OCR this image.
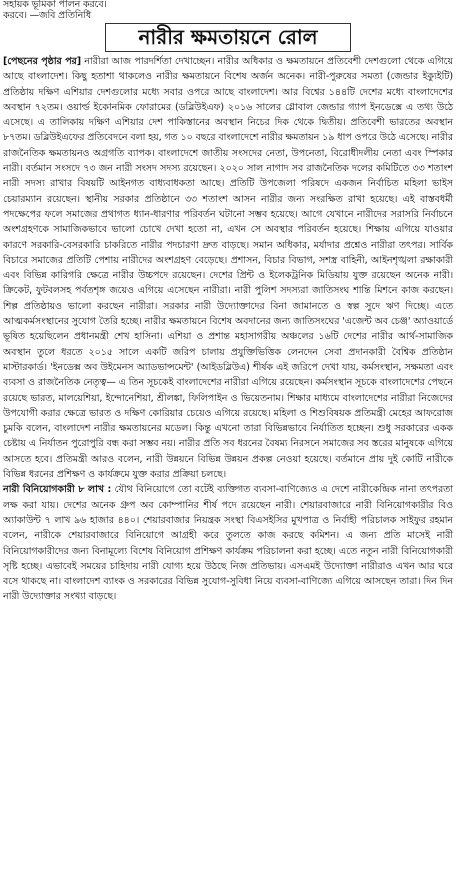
সহায়ক ভূমিকা পালন করবে।
করবে। —জবি প্রতিনিধি
নারীর ক্ষমতায়নে রোল

[পেছনের পৃষ্ঠার পর] নারীরা আজ পারদর্শিতা দেখাচ্ছেন। নারীর অধিকার ও ক্ষমতায়নে প্রতিবেশী দেশগুলো থেকে এগিয়ে আছে বাংলাদেশ। কিছু হতাশা থাকলেও নারীর ক্ষমতায়নে বিশেষ অর্জন অনেক। নারী-পুরুষের সমতা (জেন্ডার ইক্যুইটি) প্রতিষ্ঠায় দক্ষিণ এশিয়ার দেশগুলোর মধ্যে সবার ওপরে আছে বাংলাদেশ। আর বিশ্বের ১৪৪টি দেশের মধ্যে বাংলাদেশের অবস্থান ৭২তম। ওয়ার্ল্ড ইকোনমিক ফোরামের (ডব্লিউইএফ) ২০১৬ সালের গ্লোবাল জেন্ডার গ্যাপ ইনডেক্সে এ তথ্য উঠে এসেছে। এ তালিকায় দক্ষিণ এশিয়ার দেশ পাকিস্তানের অবস্থান নিচের দিক থেকে দ্বিতীয়। প্রতিবেশী ভারতের অবস্থান ৮৭তম। ডব্লিউইএফের প্রতিবেদনে বলা হয়, গত ১০ বছরে বাংলাদেশে নারীর ক্ষমতায়ন ১৯ ধাপ ওপরে উঠে এসেছে। নারীর রাজনৈতিক ক্ষমতায়নও অগ্রগতি ব্যাপক। বাংলাদেশে জাতীয় সংসদের নেতা, উপনেতা, বিরোধীদলীয় নেতা এবং স্পিকার নারী। বর্তমান সংসদে ৭৩ জন নারী সংসদ সদস্য রয়েছেন। ২০২০ সাল নাগাদ সব রাজনৈতিক দলের কমিটিতে ৩৩ শতাংশ নারী সদস্য রাখার বিষয়টি আইনগত বাধ্যবাধকতা আছে। প্রতিটি উপজেলা পরিষদে একজন নির্বাচিত মহিলা ভাইস চেয়ারম্যান রয়েছেন। স্থানীয় সরকার প্রতিষ্ঠানে ৩৩ শতাংশ আসন নারীর জন্য সংরক্ষিত রাখা হয়েছে। এই বাস্তবধর্মী পদক্ষেপের ফলে সমাজের প্রথাগত ধ্যান-ধারণার পরিবর্তন ঘটানো সম্ভব হয়েছে। আগে যেখানে নারীদের সরাসরি নির্বাচনে অংশগ্রহণকে সামাজিকভাবে ভালো চোখে দেখা হতো না, এখন সে অবস্থার পরিবর্তন হয়েছে। শিক্ষায় এগিয়ে যাওয়ার কারণে সরকারি-বেসরকারি চাকরিতে নারীর পদচারণা দ্রুত বাড়ছে। সমান অধিকার, মর্যাদার প্রশ্নেও নারীরা তৎপর। সার্বিক বিচারে সমাজের প্রতিটি পেশায় নারীদের অংশগ্রহণ বেড়েছে। প্রশাসন, বিচার বিভাগ, সশস্ত্র বাহিনী, আইনশৃঙ্খলা রক্ষাকারী এবং বিভিন্ন কারিগরি ক্ষেত্রে নারীর উচ্চপদে রয়েছেন। দেশের প্রিন্ট ও ইলেকট্রনিক মিডিয়ায় যুক্ত রয়েছেন অনেক নারী। ক্রিকেট, ফুটবলসহ পর্বতশৃঙ্গ জয়েও এগিয়ে এসেছেন নারীরা। নারী পুলিশ সদস্যরা জাতিসংঘ শান্তি মিশনে কাজ করছেন। শিল্প প্রতিষ্ঠায়ও ভালো করছেন নারীরা। সরকার নারী উদ্যোক্তাদের বিনা জামানতে ও স্বল্প সুদে ঋণ দিচ্ছে। এতে আত্মকর্মসংস্থানের সুযোগ তৈরি হচ্ছে। নারীর ক্ষমতায়নে বিশেষ অবদানের জন্য জাতিসংঘের 'এজেন্ট অব চেঞ্জ' অ্যাওয়ার্ডে ভূষিত হয়েছিলেন প্রধানমন্ত্রী শেখ হাসিনা। এশিয়া ও প্রশান্ত মহাসাগরীয় অঞ্চলের ১৬টি দেশের নারীর আর্থ-সামাজিক অবস্থান তুলে ধরতে ২০১৫ সালে একটি জরিপ চালায় প্রযুক্তিভিত্তিক লেনদেন সেবা প্রদানকারী বৈশ্বিক প্রতিষ্ঠান মাস্টারকার্ড। 'ইনডেক্স অব উইমেনস অ্যাডভান্সমেন্ট' (আইডব্লিউএ) শীর্ষক এই জরিপে দেখা যায়, কর্মসংস্থান, সক্ষমতা এবং ব্যবসা ও রাজনৈতিক নেতৃত্ব— এ তিন সূচকেই বাংলাদেশের নারীরা এগিয়ে রয়েছেন। কর্মসংস্থান সূচকে বাংলাদেশের পেছনে রয়েছে ভারত, মালয়েশিয়া, ইন্দোনেশিয়া, শ্রীলঙ্কা, ফিলিপাইন ও ভিয়েতনাম। শিক্ষার মাধ্যমে বাংলাদেশের নারীরা নিজেদের উপযোগী করার ক্ষেত্রে ভারত ও দক্ষিণ কোরিয়ার চেয়েও এগিয়ে রয়েছে। মহিলা ও শিশুবিষয়ক প্রতিমন্ত্রী মেহের আফরোজ চুমকি বলেন, বাংলাদেশ নারীর ক্ষমতায়নের মডেল। কিন্তু এখনো তারা বিভিন্নভাবে নির্যাতিত হচ্ছেন। শুধু সরকারের একক চেষ্টায় এ নির্যাতন পুরোপুরি বন্ধ করা সম্ভব নয়। নারীর প্রতি সব ধরনের বৈষম্য নিরসনে সমাজের সব স্তরের মানুষকে এগিয়ে আসতে হবে। প্রতিমন্ত্রী আরও বলেন, নারী উন্নয়নে বিভিন্ন উন্নয়ন প্রকল্প নেওয়া হয়েছে। বর্তমানে প্রায় দুই কোটি নারীকে বিভিন্ন ধরনের প্রশিক্ষণ ও কার্যক্রমে যুক্ত করার প্রক্রিয়া চলছে।

নারী বিনিয়োগকারী ৮ লাখ : যৌথ বিনিয়োগে তো বটেই ব্যক্তিগত ব্যবসা-বাণিজ্যেও এ দেশে নারীকেন্দ্রিক নানা তৎপরতা লক্ষ করা যায়। দেশের অনেক গ্রুপ অব কোম্পানির শীর্ষ পদে রয়েছেন নারী। শেয়ারবাজারে নারী বিনিয়োগকারীর বিও অ্যাকাউন্ট ৭ লাখ ৯৬ হাজার ৪৪০। শেয়ারবাজার নিয়ন্ত্রক সংস্থা বিএসইসির মুখপাত্র ও নির্বাহী পরিচালক সাইফুর রহমান বলেন, নারীকে শেয়ারবাজারে বিনিয়োগে আগ্রহী করে তুলতে কাজ করছে কমিশন। এ জন্য প্রতি মাসেই নারী বিনিয়োগকারীদের জন্য বিনামূল্যে বিশেষ বিনিয়োগ প্রশিক্ষণ কার্যক্রম পরিচালনা করা হচ্ছে। এতে নতুন নারী বিনিয়োগকারী সৃষ্টি হচ্ছে। এভাবেই সময়ের চাহিদায় নারী যোগ্য হয়ে উঠছে নিজ প্রতিভায়। এসএমই উদ্যোক্তা নারীরাও এখন আর ঘরে বসে থাকছে না। বাংলাদেশ ব্যাংক ও সরকারের বিভিন্ন সুযোগ-সুবিধা নিয়ে ব্যবসা-বাণিজ্যে এগিয়ে আসছেন তারা। দিন দিন নারী উদ্যোক্তার সংখ্যা বাড়ছে।
